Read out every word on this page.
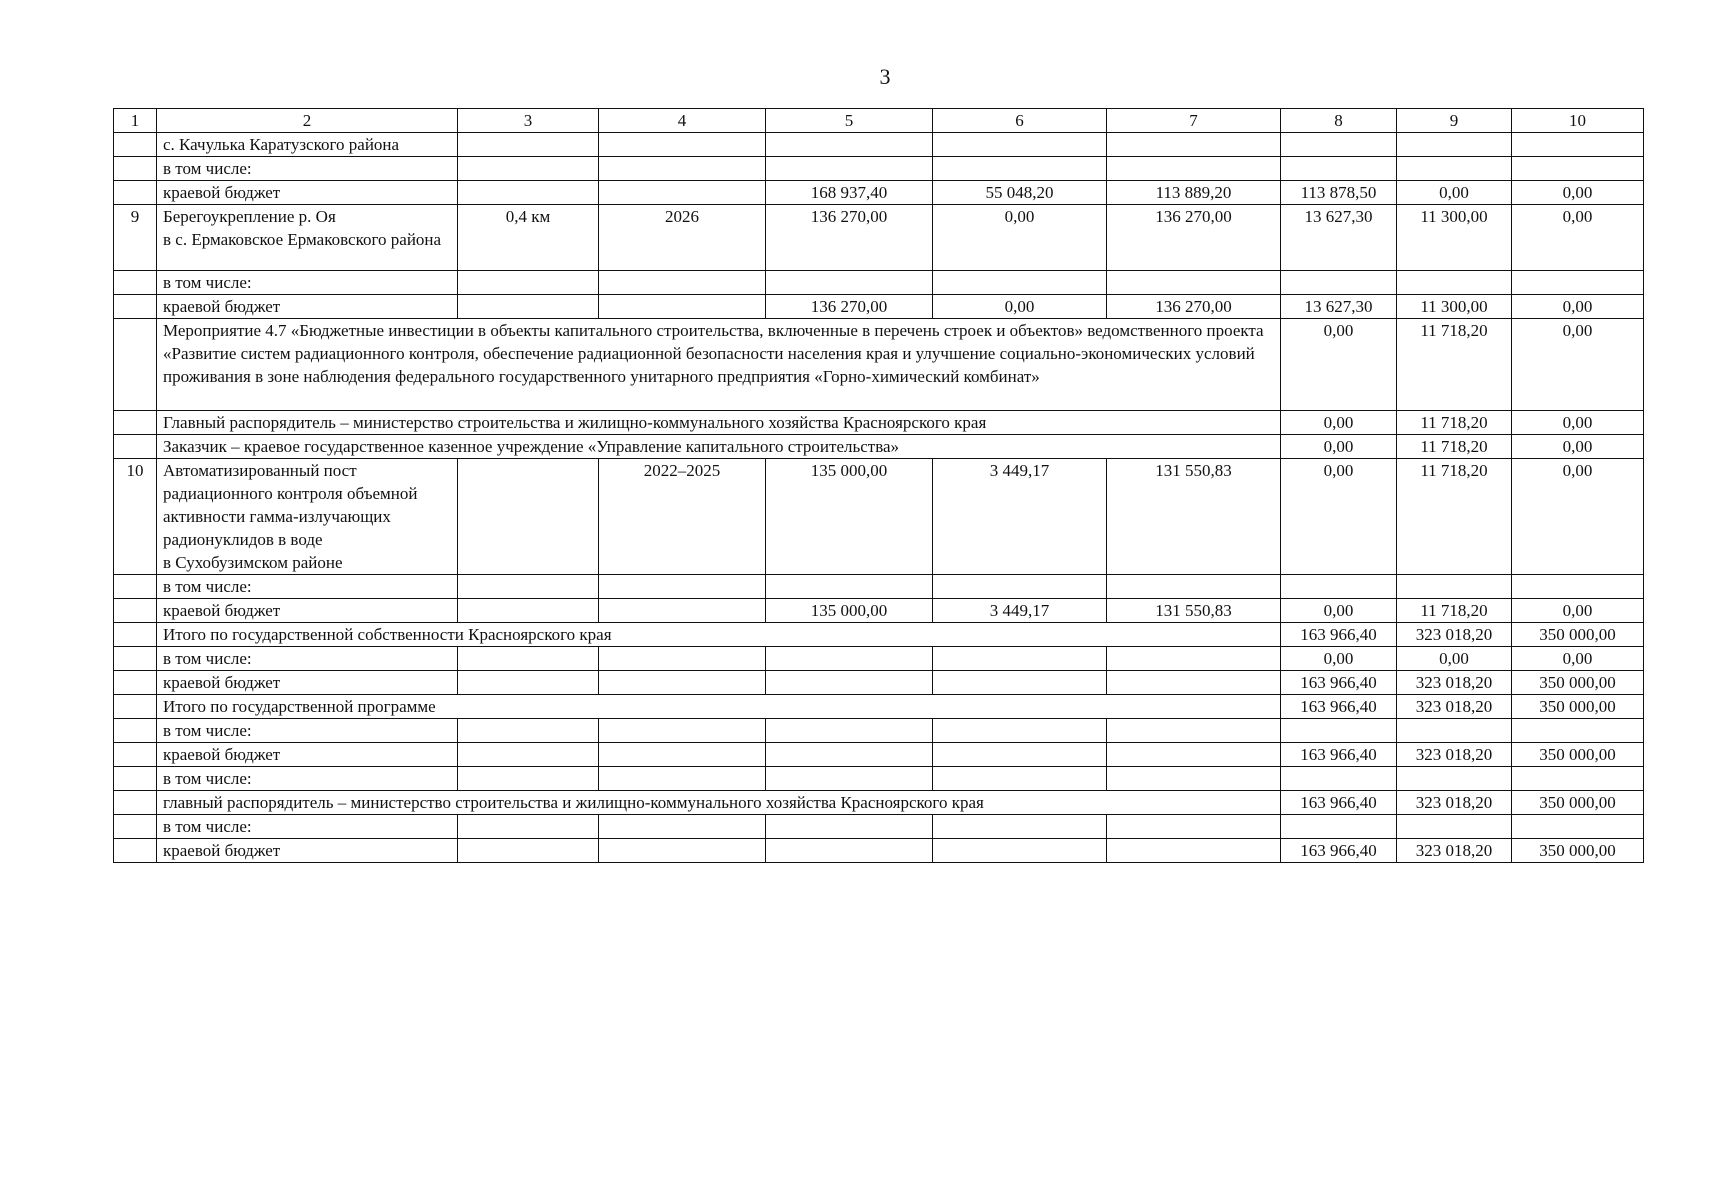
3
1	2	3	4	5	6	7	8	9	10
	с. Качулька Каратузского района								
	в том числе:								
	краевой бюджет			168 937,40	55 048,20	113 889,20	113 878,50	0,00	0,00
9	Берегоукрепление р. Оя
в с. Ермаковское Ермаковского района	0,4 км	2026	136 270,00	0,00	136 270,00	13 627,30	11 300,00	0,00
	в том числе:								
	краевой бюджет			136 270,00	0,00	136 270,00	13 627,30	11 300,00	0,00
	Мероприятие 4.7 «Бюджетные инвестиции в объекты капитального строительства, включенные в перечень строек и объектов» ведомственного проекта «Развитие систем радиационного контроля, обеспечение радиационной безопасности населения края и улучшение социально-экономических условий проживания в зоне наблюдения федерального государственного унитарного предприятия «Горно-химический комбинат»						0,00	11 718,20	0,00
	Главный распорядитель – министерство строительства и жилищно-коммунального хозяйства Красноярского края						0,00	11 718,20	0,00
	Заказчик – краевое государственное казенное учреждение «Управление капитального строительства»						0,00	11 718,20	0,00
10	Автоматизированный пост радиационного контроля объемной активности гамма-излучающих радионуклидов в воде
в Сухобузимском районе		2022–2025	135 000,00	3 449,17	131 550,83	0,00	11 718,20	0,00
	в том числе:								
	краевой бюджет			135 000,00	3 449,17	131 550,83	0,00	11 718,20	0,00
	Итого по государственной собственности Красноярского края						163 966,40	323 018,20	350 000,00
	в том числе:						0,00	0,00	0,00
	краевой бюджет						163 966,40	323 018,20	350 000,00
	Итого по государственной программе						163 966,40	323 018,20	350 000,00
	в том числе:								
	краевой бюджет						163 966,40	323 018,20	350 000,00
	в том числе:								
	главный распорядитель – министерство строительства и жилищно-коммунального хозяйства Красноярского края						163 966,40	323 018,20	350 000,00
	в том числе:								
	краевой бюджет						163 966,40	323 018,20	350 000,00
